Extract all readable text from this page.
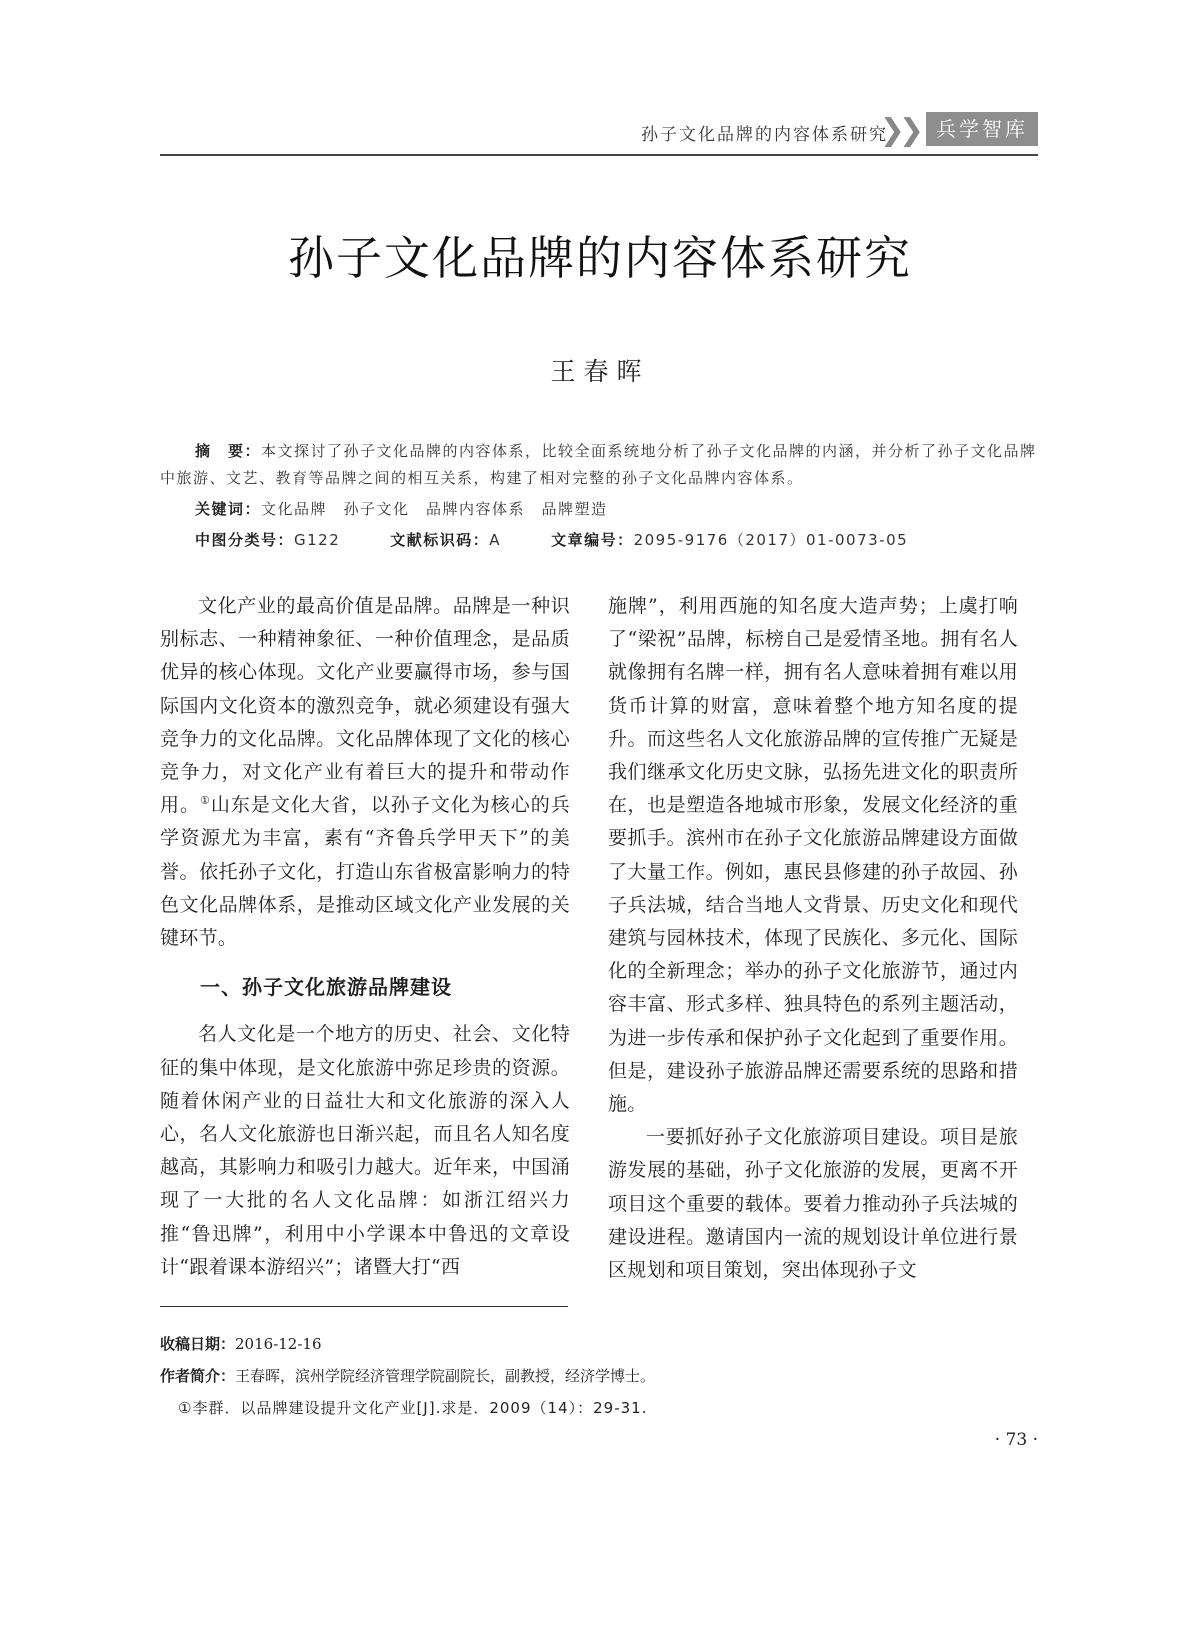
孙子文化品牌的内容体系研究
❯❯ 兵学智库
孙子文化品牌的内容体系研究
王春晖

摘　要：本文探讨了孙子文化品牌的内容体系，比较全面系统地分析了孙子文化品牌的内涵，并分析了孙子文化品牌中旅游、文艺、教育等品牌之间的相互关系，构建了相对完整的孙子文化品牌内容体系。

关键词：文化品牌　孙子文化　品牌内容体系　品牌塑造

中图分类号：G122	文献标识码：A	文章编号：2095-9176（2017）01-0073-05

文化产业的最高价值是品牌。品牌是一种识别标志、一种精神象征、一种价值理念，是品质优异的核心体现。文化产业要赢得市场，参与国际国内文化资本的激烈竞争，就必须建设有强大竞争力的文化品牌。文化品牌体现了文化的核心竞争力，对文化产业有着巨大的提升和带动作用。①山东是文化大省，以孙子文化为核心的兵学资源尤为丰富，素有“齐鲁兵学甲天下”的美誉。依托孙子文化，打造山东省极富影响力的特色文化品牌体系，是推动区域文化产业发展的关键环节。

一、孙子文化旅游品牌建设

名人文化是一个地方的历史、社会、文化特征的集中体现，是文化旅游中弥足珍贵的资源。随着休闲产业的日益壮大和文化旅游的深入人心，名人文化旅游也日渐兴起，而且名人知名度越高，其影响力和吸引力越大。近年来，中国涌现了一大批的名人文化品牌：如浙江绍兴力推“鲁迅牌”，利用中小学课本中鲁迅的文章设计“跟着课本游绍兴”；诸暨大打“西

施牌”，利用西施的知名度大造声势；上虞打响了“梁祝”品牌，标榜自己是爱情圣地。拥有名人就像拥有名牌一样，拥有名人意味着拥有难以用货币计算的财富，意味着整个地方知名度的提升。而这些名人文化旅游品牌的宣传推广无疑是我们继承文化历史文脉，弘扬先进文化的职责所在，也是塑造各地城市形象，发展文化经济的重要抓手。滨州市在孙子文化旅游品牌建设方面做了大量工作。例如，惠民县修建的孙子故园、孙子兵法城，结合当地人文背景、历史文化和现代建筑与园林技术，体现了民族化、多元化、国际化的全新理念；举办的孙子文化旅游节，通过内容丰富、形式多样、独具特色的系列主题活动，为进一步传承和保护孙子文化起到了重要作用。但是，建设孙子旅游品牌还需要系统的思路和措施。

一要抓好孙子文化旅游项目建设。项目是旅游发展的基础，孙子文化旅游的发展，更离不开项目这个重要的载体。要着力推动孙子兵法城的建设进程。邀请国内一流的规划设计单位进行景区规划和项目策划，突出体现孙子文

收稿日期：2016-12-16

作者简介：王春晖，滨州学院经济管理学院副院长，副教授，经济学博士。

①李群．以品牌建设提升文化产业[J].求是．2009（14）：29-31.

· 73 ·
